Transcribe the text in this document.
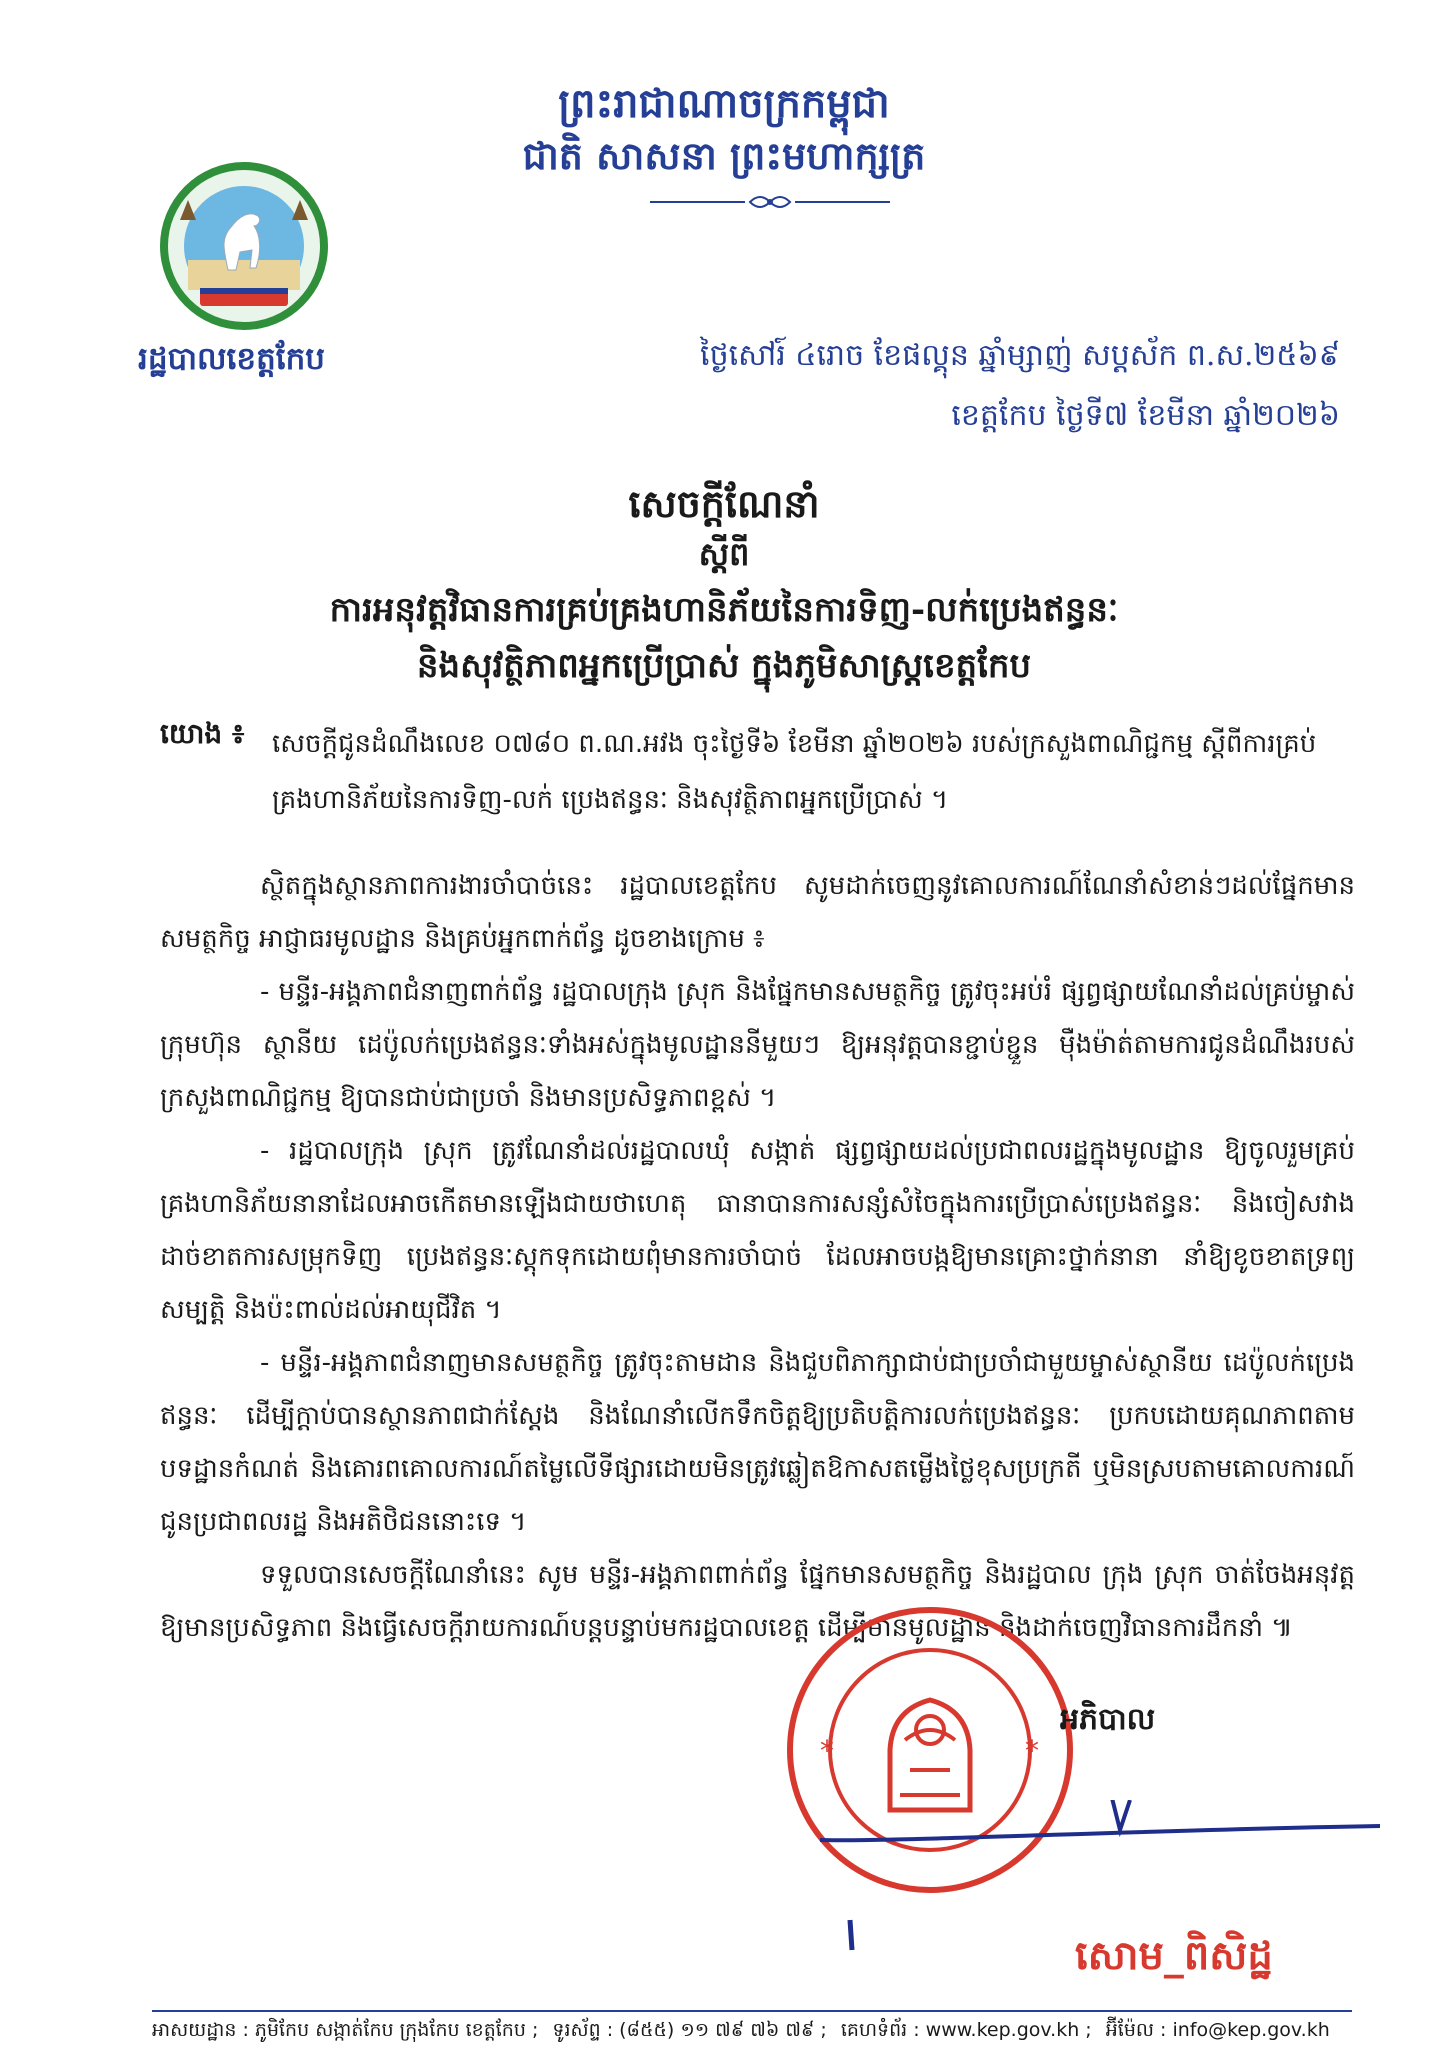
ព្រះរាជាណាចក្រកម្ពុជា
ជាតិ សាសនា ព្រះមហាក្សត្រ
រដ្ឋបាលខេត្តកែប	ថ្ងៃសៅរ៍ ៤រោច ខែផល្គុន ឆ្នាំម្សាញ់ សប្តស័ក ព.ស.២៥៦៩
ខេត្តកែប ថ្ងៃទី៧ ខែមីនា ឆ្នាំ២០២៦
សេចក្តីណែនាំ
ស្តីពី
ការអនុវត្តវិធានការគ្រប់គ្រងហានិភ័យនៃការទិញ-លក់ប្រេងឥន្ធនៈ
និងសុវត្ថិភាពអ្នកប្រើប្រាស់ ក្នុងភូមិសាស្ត្រខេត្តកែប
យោង ៖ សេចក្តីជូនដំណឹងលេខ ០៧៨០ ព.ណ.អវង ចុះថ្ងៃទី៦ ខែមីនា ឆ្នាំ២០២៦ របស់ក្រសួងពាណិជ្ជកម្ម ស្តីពីការគ្រប់គ្រងហានិភ័យនៃការទិញ-លក់ ប្រេងឥន្ធនៈ និងសុវត្ថិភាពអ្នកប្រើប្រាស់ ។

ស្ថិតក្នុងស្ថានភាពការងារចាំបាច់នេះ រដ្ឋបាលខេត្តកែប សូមដាក់ចេញនូវគោលការណ៍ណែនាំសំខាន់ៗដល់ផ្នែកមានសមត្ថកិច្ច អាជ្ញាធរមូលដ្ឋាន និងគ្រប់អ្នកពាក់ព័ន្ធ ដូចខាងក្រោម ៖

- មន្ទីរ-អង្គភាពជំនាញពាក់ព័ន្ធ រដ្ឋបាលក្រុង ស្រុក និងផ្នែកមានសមត្ថកិច្ច ត្រូវចុះអប់រំ ផ្សព្វផ្សាយណែនាំដល់គ្រប់ម្ចាស់ក្រុមហ៊ុន ស្ថានីយ ដេប៉ូលក់ប្រេងឥន្ធនៈទាំងអស់ក្នុងមូលដ្ឋាននីមួយៗ ឱ្យអនុវត្តបានខ្ជាប់ខ្ជួន ម៉ឺងម៉ាត់តាមការជូនដំណឹងរបស់ក្រសួងពាណិជ្ជកម្ម ឱ្យបានជាប់ជាប្រចាំ និងមានប្រសិទ្ធភាពខ្ពស់ ។

- រដ្ឋបាលក្រុង ស្រុក ត្រូវណែនាំដល់រដ្ឋបាលឃុំ សង្កាត់ ផ្សព្វផ្សាយដល់ប្រជាពលរដ្ឋក្នុងមូលដ្ឋាន ឱ្យចូលរួមគ្រប់គ្រងហានិភ័យនានាដែលអាចកើតមានឡើងជាយថាហេតុ ធានាបានការសន្សំសំចៃក្នុងការប្រើប្រាស់ប្រេងឥន្ធនៈ និងចៀសវាងដាច់ខាតការសម្រុកទិញ ប្រេងឥន្ធនៈស្តុកទុកដោយពុំមានការចាំបាច់ ដែលអាចបង្កឱ្យមានគ្រោះថ្នាក់នានា នាំឱ្យខូចខាតទ្រព្យសម្បត្តិ និងប៉ះពាល់ដល់អាយុជីវិត ។

- មន្ទីរ-អង្គភាពជំនាញមានសមត្ថកិច្ច ត្រូវចុះតាមដាន និងជួបពិភាក្សាជាប់ជាប្រចាំជាមួយម្ចាស់ស្ថានីយ ដេប៉ូលក់ប្រេងឥន្ធនៈ ដើម្បីក្តាប់បានស្ថានភាពជាក់ស្តែង និងណែនាំលើកទឹកចិត្តឱ្យប្រតិបត្តិការលក់ប្រេងឥន្ធនៈ ប្រកបដោយគុណភាពតាមបទដ្ឋានកំណត់ និងគោរពគោលការណ៍តម្លៃលើទីផ្សារដោយមិនត្រូវឆ្លៀតឱកាសតម្លើងថ្លៃខុសប្រក្រតី ឬមិនស្របតាមគោលការណ៍ ជូនប្រជាពលរដ្ឋ និងអតិថិជននោះទេ ។

ទទួលបានសេចក្តីណែនាំនេះ សូម មន្ទីរ-អង្គភាពពាក់ព័ន្ធ ផ្នែកមានសមត្ថកិច្ច និងរដ្ឋបាល ក្រុង ស្រុក ចាត់ចែងអនុវត្តឱ្យមានប្រសិទ្ធភាព និងធ្វើសេចក្តីរាយការណ៍បន្តបន្ទាប់មករដ្ឋបាលខេត្ត ដើម្បីមានមូលដ្ឋាន និងដាក់ចេញវិធានការដឹកនាំ ៕

*	*
អភិបាល
សោម_ពិសិដ្ឋ
អាសយដ្ឋាន : ភូមិកែប សង្កាត់កែប ក្រុងកែប ខេត្តកែប ; ទូរស័ព្ទ : (៨៥៥) ១១ ៧៩ ៧៦ ៧៩ ; គេហទំព័រ : www.kep.gov.kh ; អ៊ីម៉ែល : info@kep.gov.kh
